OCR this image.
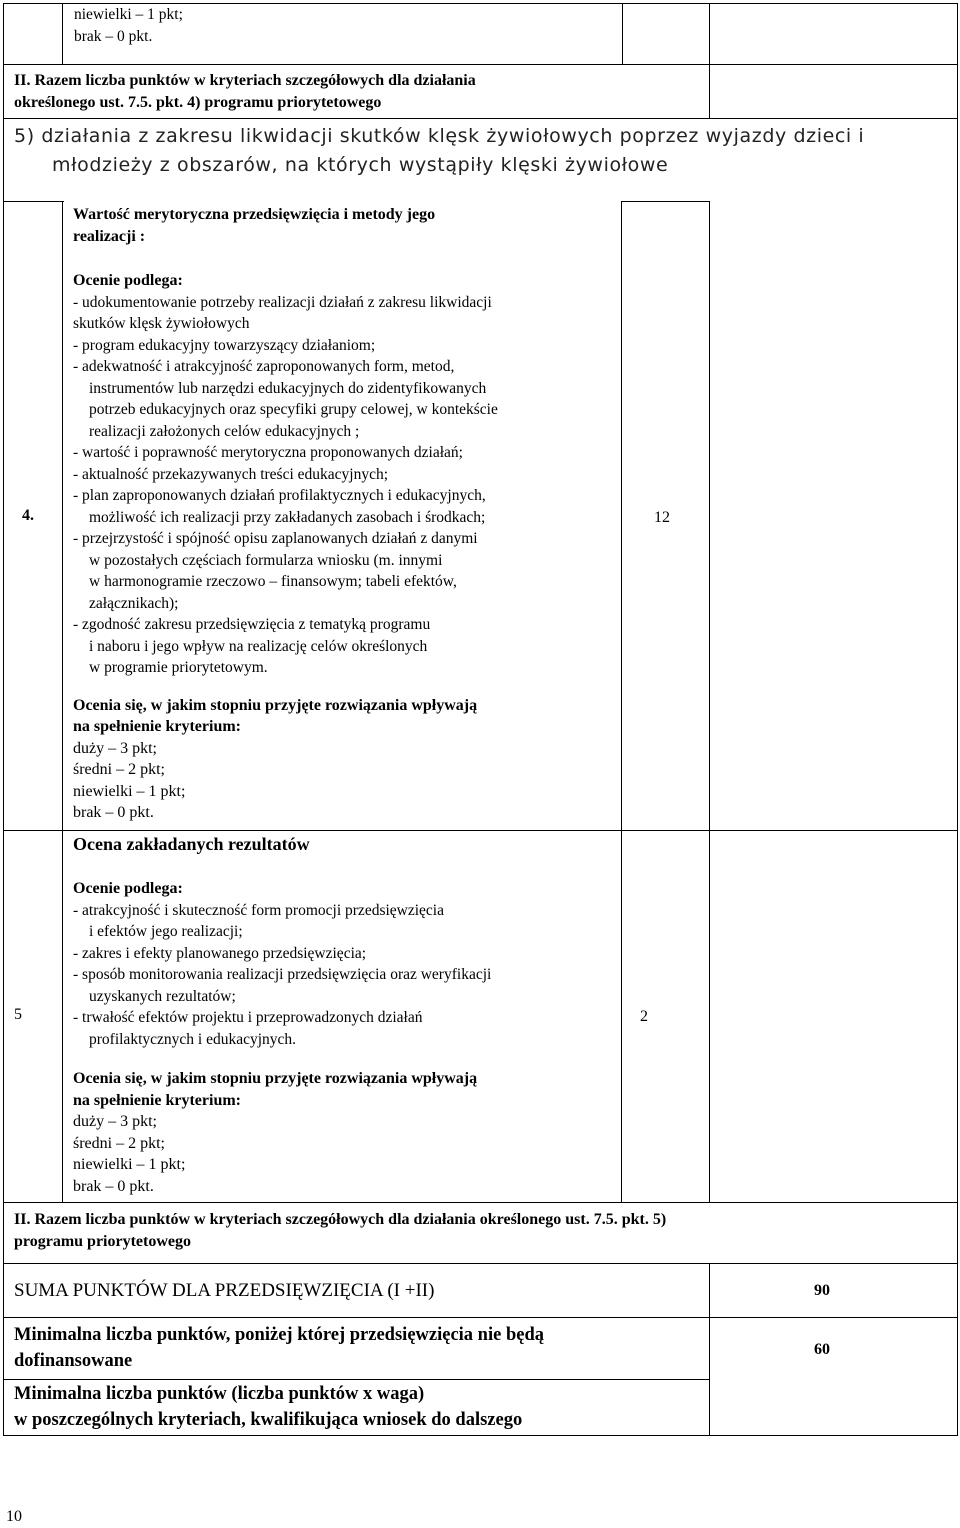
niewielki – 1 pkt;
brak – 0 pkt.
II. Razem liczba punktów w kryteriach szczegółowych dla działania
określonego ust. 7.5. pkt. 4) programu priorytetowego
5) działania z zakresu likwidacji skutków klęsk żywiołowych poprzez wyjazdy dzieci i
młodzieży z obszarów, na których wystąpiły klęski żywiołowe
4.
Wartość merytoryczna przedsięwzięcia i metody jego
realizacji :
Ocenie podlega:
- udokumentowanie potrzeby realizacji działań z zakresu likwidacji
skutków klęsk żywiołowych
- program edukacyjny towarzyszący działaniom;
- adekwatność i atrakcyjność zaproponowanych form, metod,
instrumentów lub narzędzi edukacyjnych do zidentyfikowanych
potrzeb edukacyjnych oraz specyfiki grupy celowej, w kontekście
realizacji założonych celów edukacyjnych ;
- wartość i poprawność merytoryczna proponowanych działań;
- aktualność przekazywanych treści edukacyjnych;
- plan zaproponowanych działań profilaktycznych i edukacyjnych,
możliwość ich realizacji przy zakładanych zasobach i środkach;
- przejrzystość i spójność opisu zaplanowanych działań z danymi
w pozostałych częściach formularza wniosku (m. innymi
w harmonogramie rzeczowo – finansowym; tabeli efektów,
załącznikach);
- zgodność zakresu przedsięwzięcia z tematyką programu
i naboru i jego wpływ na realizację celów określonych
w programie priorytetowym.
Ocenia się, w jakim stopniu przyjęte rozwiązania wpływają
na spełnienie kryterium:
duży – 3 pkt;
średni – 2 pkt;
niewielki – 1 pkt;
brak – 0 pkt.
12
5
Ocena zakładanych rezultatów
Ocenie podlega:
- atrakcyjność i skuteczność form promocji przedsięwzięcia
i efektów jego realizacji;
- zakres i efekty planowanego przedsięwzięcia;
- sposób monitorowania realizacji przedsięwzięcia oraz weryfikacji
uzyskanych rezultatów;
- trwałość efektów projektu i przeprowadzonych działań
profilaktycznych i edukacyjnych.
Ocenia się, w jakim stopniu przyjęte rozwiązania wpływają
na spełnienie kryterium:
duży – 3 pkt;
średni – 2 pkt;
niewielki – 1 pkt;
brak – 0 pkt.
2
II. Razem liczba punktów w kryteriach szczegółowych dla działania określonego ust. 7.5. pkt. 5)
programu priorytetowego
SUMA PUNKTÓW DLA PRZEDSIĘWZIĘCIA (I +II)	90
Minimalna liczba punktów, poniżej której przedsięwzięcia nie będą
dofinansowane
60
Minimalna liczba punktów (liczba punktów x waga)
w poszczególnych kryteriach, kwalifikująca wniosek do dalszego
10
